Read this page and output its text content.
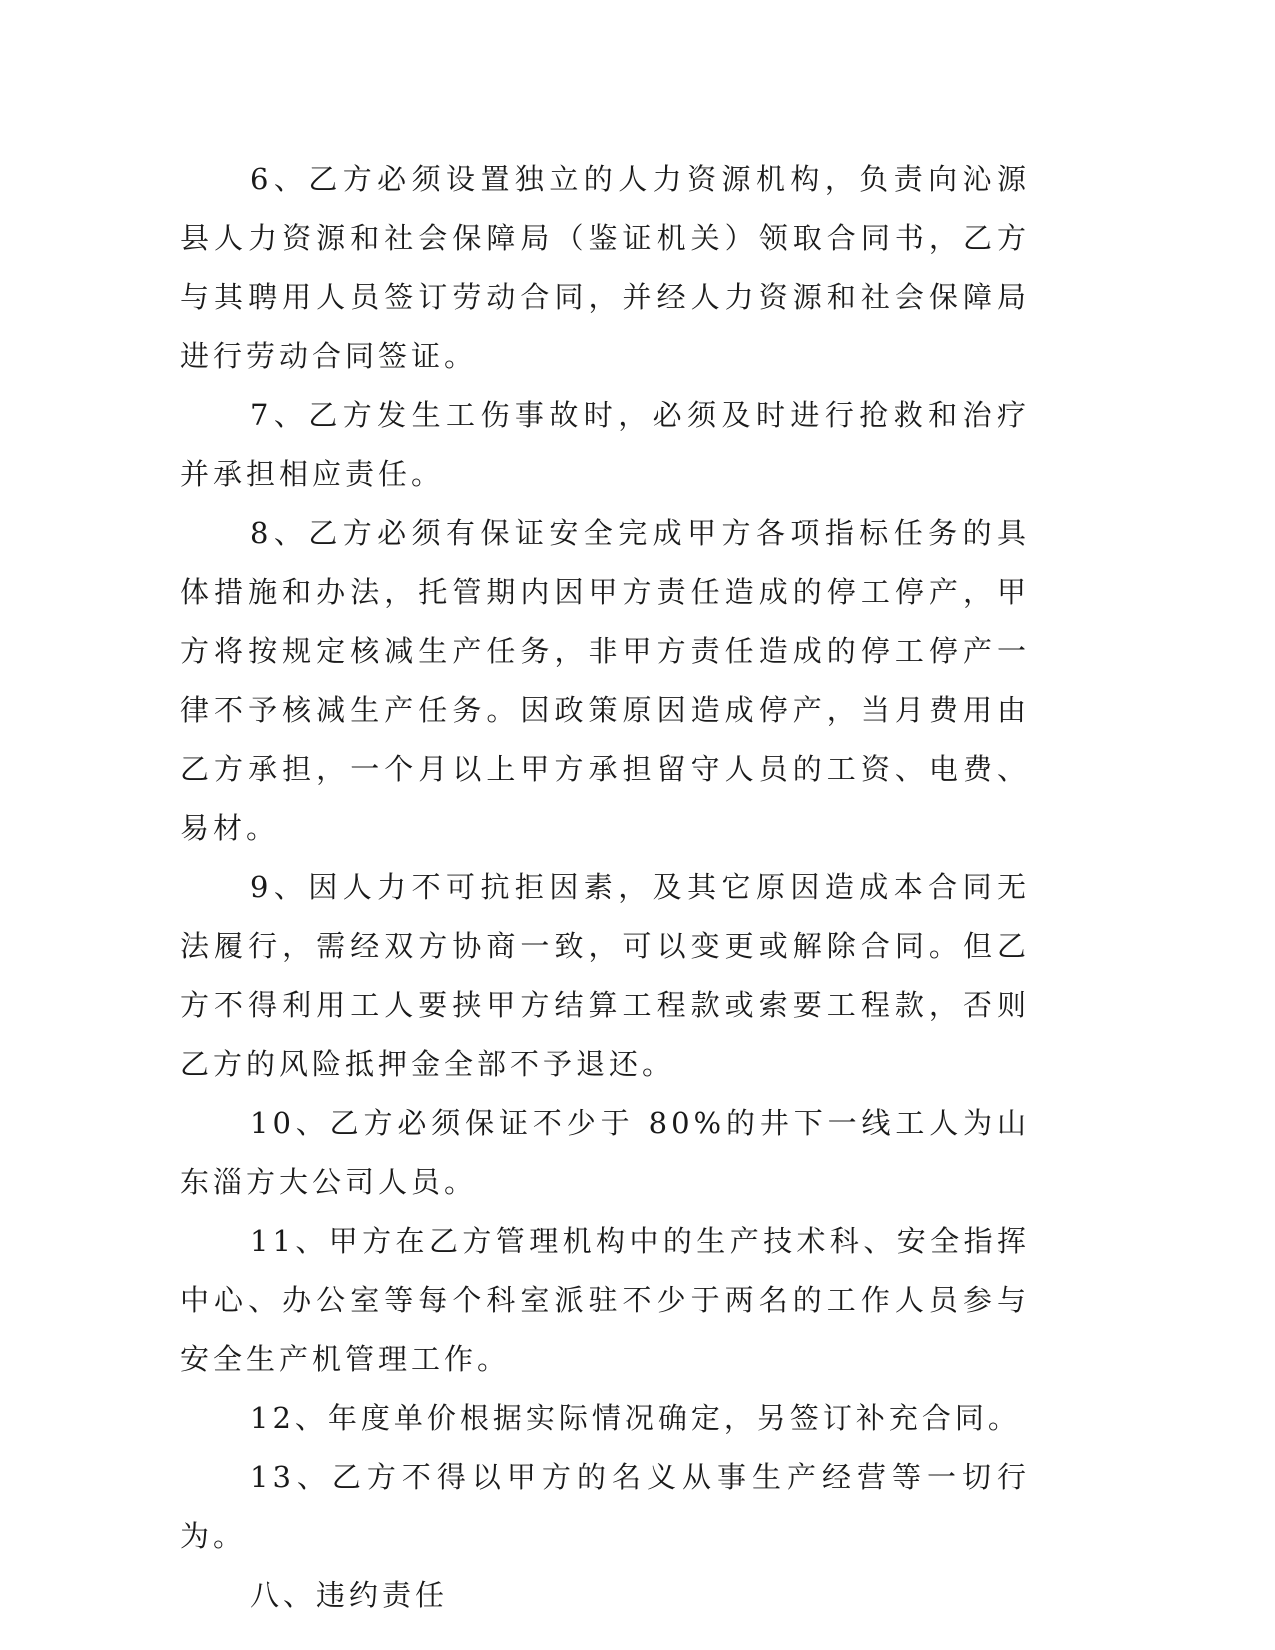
6、乙方必须设置独立的人力资源机构，负责向沁源县人力资源和社会保障局（鉴证机关）领取合同书，乙方与其聘用人员签订劳动合同，并经人力资源和社会保障局进行劳动合同签证。

7、乙方发生工伤事故时，必须及时进行抢救和治疗并承担相应责任。

8、乙方必须有保证安全完成甲方各项指标任务的具体措施和办法，托管期内因甲方责任造成的停工停产，甲方将按规定核减生产任务，非甲方责任造成的停工停产一律不予核减生产任务。因政策原因造成停产，当月费用由乙方承担，一个月以上甲方承担留守人员的工资、电费、易材。

9、因人力不可抗拒因素，及其它原因造成本合同无法履行，需经双方协商一致，可以变更或解除合同。但乙方不得利用工人要挟甲方结算工程款或索要工程款，否则乙方的风险抵押金全部不予退还。

10、乙方必须保证不少于 80%的井下一线工人为山东淄方大公司人员。

11、甲方在乙方管理机构中的生产技术科、安全指挥中心、办公室等每个科室派驻不少于两名的工作人员参与安全生产机管理工作。

12、年度单价根据实际情况确定，另签订补充合同。

13、乙方不得以甲方的名义从事生产经营等一切行为。

八、违约责任
